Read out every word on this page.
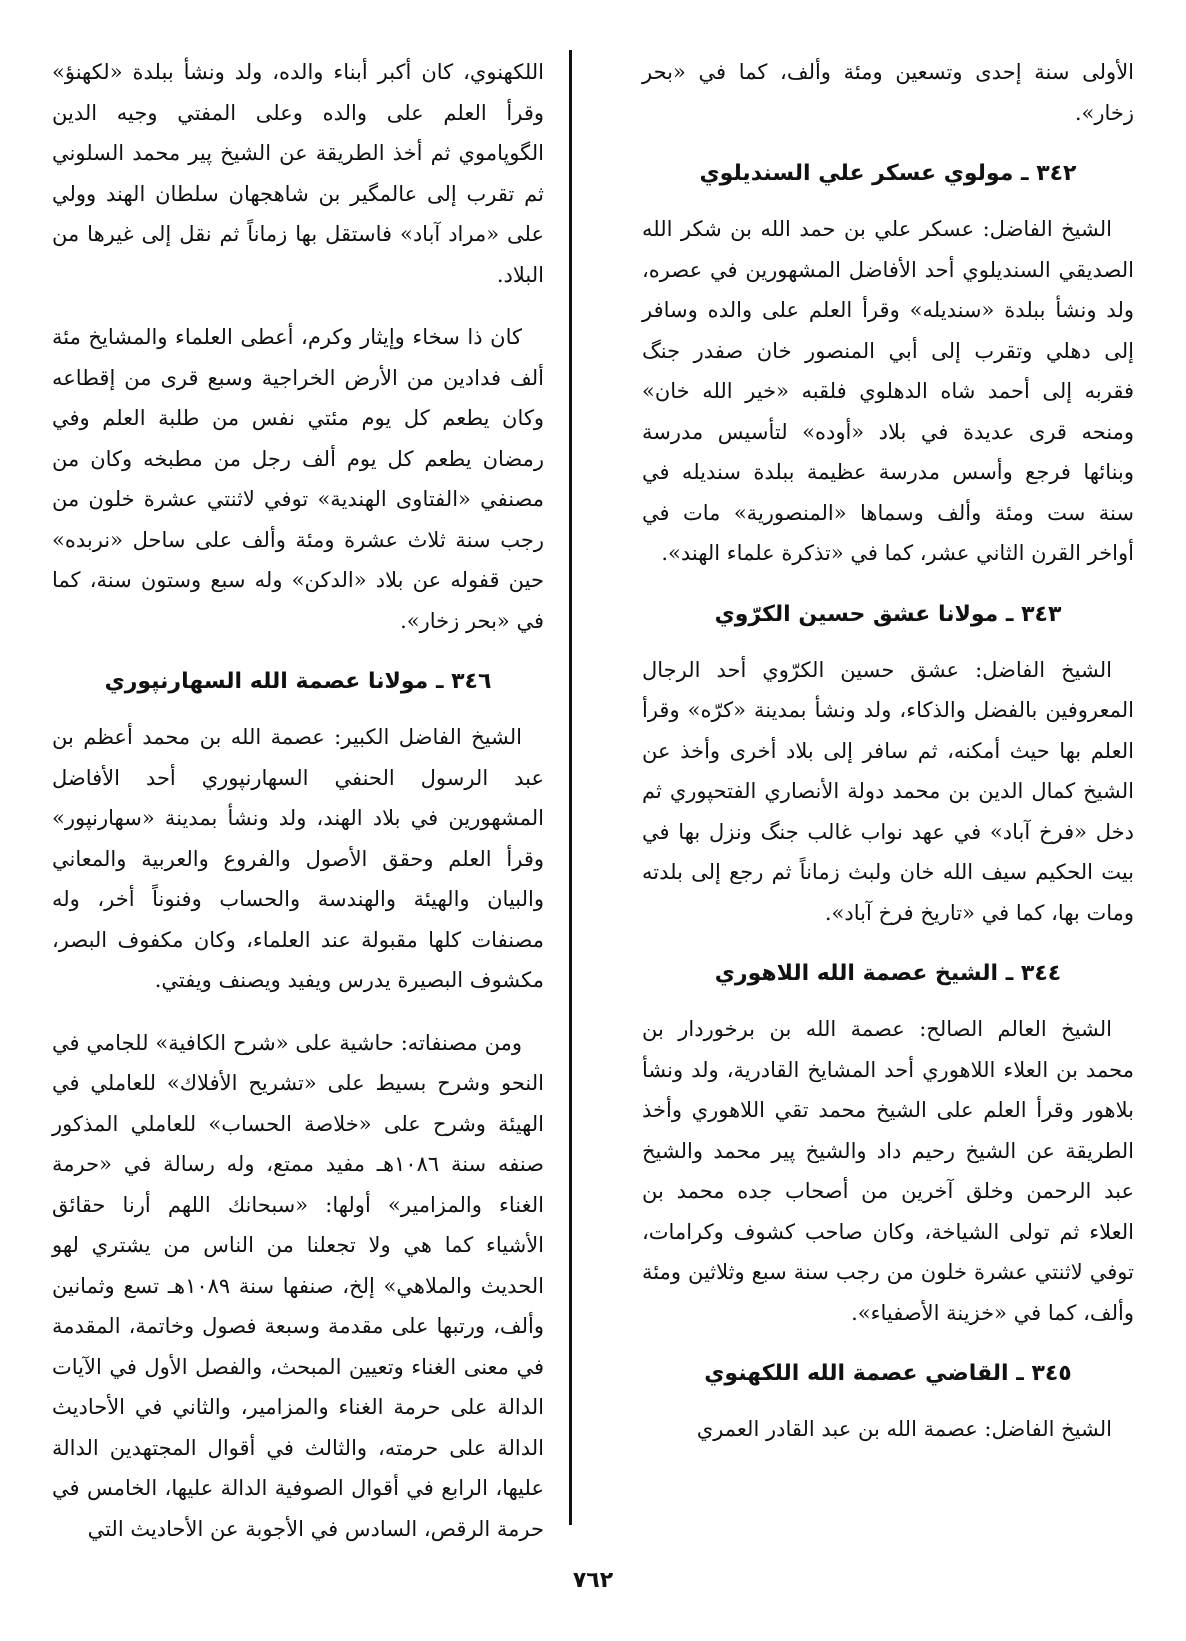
الأولى سنة إحدى وتسعين ومئة وألف، كما في «بحر زخار».

٣٤٢ ـ مولوي عسكر علي السنديلوي

الشيخ الفاضل: عسكر علي بن حمد الله بن شكر الله الصديقي السنديلوي أحد الأفاضل المشهورين في عصره، ولد ونشأ ببلدة «سنديله» وقرأ العلم على والده وسافر إلى دهلي وتقرب إلى أبي المنصور خان صفدر جنگ فقربه إلى أحمد شاه الدهلوي فلقبه «خير الله خان» ومنحه قرى عديدة في بلاد «أوده» لتأسيس مدرسة وبنائها فرجع وأسس مدرسة عظيمة ببلدة سنديله في سنة ست ومئة وألف وسماها «المنصورية» مات في أواخر القرن الثاني عشر، كما في «تذكرة علماء الهند».

٣٤٣ ـ مولانا عشق حسين الكرّوي

الشيخ الفاضل: عشق حسين الكرّوي أحد الرجال المعروفين بالفضل والذكاء، ولد ونشأ بمدينة «كرّه» وقرأ العلم بها حيث أمكنه، ثم سافر إلى بلاد أخرى وأخذ عن الشيخ كمال الدين بن محمد دولة الأنصاري الفتحپوري ثم دخل «فرخ آباد» في عهد نواب غالب جنگ ونزل بها في بيت الحكيم سيف الله خان ولبث زماناً ثم رجع إلى بلدته ومات بها، كما في «تاريخ فرخ آباد».

٣٤٤ ـ الشيخ عصمة الله اللاهوري

الشيخ العالم الصالح: عصمة الله بن برخوردار بن محمد بن العلاء اللاهوري أحد المشايخ القادرية، ولد ونشأ بلاهور وقرأ العلم على الشيخ محمد تقي اللاهوري وأخذ الطريقة عن الشيخ رحيم داد والشيخ پير محمد والشيخ عبد الرحمن وخلق آخرين من أصحاب جده محمد بن العلاء ثم تولى الشياخة، وكان صاحب كشوف وكرامات، توفي لاثنتي عشرة خلون من رجب سنة سبع وثلاثين ومئة وألف، كما في «خزينة الأصفياء».

٣٤٥ ـ القاضي عصمة الله اللكهنوي

الشيخ الفاضل: عصمة الله بن عبد القادر العمري

اللكهنوي، كان أكبر أبناء والده، ولد ونشأ ببلدة «لكهنؤ» وقرأ العلم على والده وعلى المفتي وجيه الدين الگوپاموي ثم أخذ الطريقة عن الشيخ پير محمد السلوني ثم تقرب إلى عالمگير بن شاهجهان سلطان الهند وولي على «مراد آباد» فاستقل بها زماناً ثم نقل إلى غيرها من البلاد.

كان ذا سخاء وإيثار وكرم، أعطى العلماء والمشايخ مئة ألف فدادين من الأرض الخراجية وسبع قرى من إقطاعه وكان يطعم كل يوم مئتي نفس من طلبة العلم وفي رمضان يطعم كل يوم ألف رجل من مطبخه وكان من مصنفي «الفتاوى الهندية» توفي لاثنتي عشرة خلون من رجب سنة ثلاث عشرة ومئة وألف على ساحل «نربده» حين قفوله عن بلاد «الدكن» وله سبع وستون سنة، كما في «بحر زخار».

٣٤٦ ـ مولانا عصمة الله السهارنپوري

الشيخ الفاضل الكبير: عصمة الله بن محمد أعظم بن عبد الرسول الحنفي السهارنپوري أحد الأفاضل المشهورين في بلاد الهند، ولد ونشأ بمدينة «سهارنپور» وقرأ العلم وحقق الأصول والفروع والعربية والمعاني والبيان والهيئة والهندسة والحساب وفنوناً أخر، وله مصنفات كلها مقبولة عند العلماء، وكان مكفوف البصر، مكشوف البصيرة يدرس ويفيد ويصنف ويفتي.

ومن مصنفاته: حاشية على «شرح الكافية» للجامي في النحو وشرح بسيط على «تشريح الأفلاك» للعاملي في الهيئة وشرح على «خلاصة الحساب» للعاملي المذكور صنفه سنة ١٠٨٦هـ مفيد ممتع، وله رسالة في «حرمة الغناء والمزامير» أولها: «سبحانك اللهم أرنا حقائق الأشياء كما هي ولا تجعلنا من الناس من يشتري لهو الحديث والملاهي» إلخ، صنفها سنة ١٠٨٩هـ تسع وثمانين وألف، ورتبها على مقدمة وسبعة فصول وخاتمة، المقدمة في معنى الغناء وتعيين المبحث، والفصل الأول في الآيات الدالة على حرمة الغناء والمزامير، والثاني في الأحاديث الدالة على حرمته، والثالث في أقوال المجتهدين الدالة عليها، الرابع في أقوال الصوفية الدالة عليها، الخامس في حرمة الرقص، السادس في الأجوبة عن الأحاديث التي

٧٦٢
